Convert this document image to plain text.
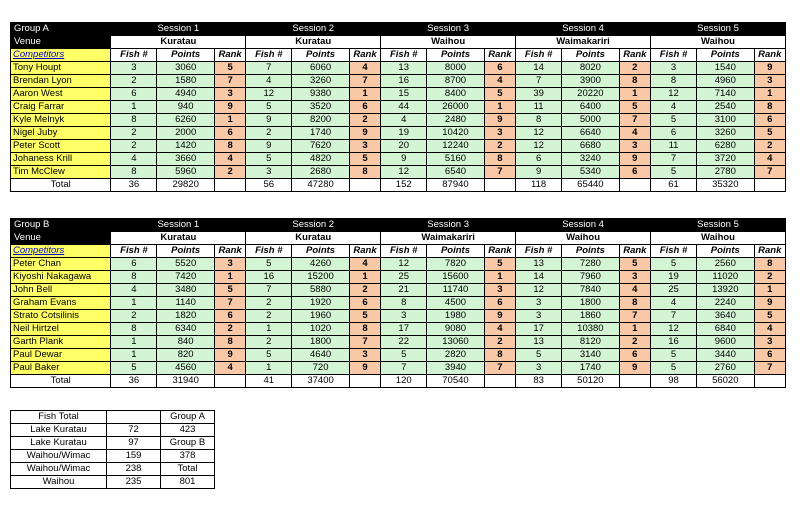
Group A	Session 1			Session 2			Session 3			Session 4			Session 5		
Venue	Kuratau			Kuratau			Waihou			Waimakariri			Waihou		
Competitors	Fish #	Points	Rank	Fish #	Points	Rank	Fish #	Points	Rank	Fish #	Points	Rank	Fish #	Points	Rank
Tony Houpt	3	3060	5	7	6060	4	13	8000	6	14	8020	2	3	1540	9
Brendan Lyon	2	1580	7	4	3260	7	16	8700	4	7	3900	8	8	4960	3
Aaron West	6	4940	3	12	9380	1	15	8400	5	39	20220	1	12	7140	1
Craig Farrar	1	940	9	5	3520	6	44	26000	1	11	6400	5	4	2540	8
Kyle Melnyk	8	6260	1	9	8200	2	4	2480	9	8	5000	7	5	3100	6
Nigel Juby	2	2000	6	2	1740	9	19	10420	3	12	6640	4	6	3260	5
Peter Scott	2	1420	8	9	7620	3	20	12240	2	12	6680	3	11	6280	2
Johaness Krill	4	3660	4	5	4820	5	9	5160	8	6	3240	9	7	3720	4
Tim McClew	8	5960	2	3	2680	8	12	6540	7	9	5340	6	5	2780	7
Total	36	29820		56	47280		152	87940		118	65440		61	35320	
Group B	Session 1			Session 2			Session 3			Session 4			Session 5		
Venue	Kuratau			Kuratau			Waimakariri			Waihou			Waihou		
Competitors	Fish #	Points	Rank	Fish #	Points	Rank	Fish #	Points	Rank	Fish #	Points	Rank	Fish #	Points	Rank
Peter Chan	6	5520	3	5	4260	4	12	7820	5	13	7280	5	5	2560	8
Kiyoshi Nakagawa	8	7420	1	16	15200	1	25	15600	1	14	7960	3	19	11020	2
John Bell	4	3480	5	7	5880	2	21	11740	3	12	7840	4	25	13920	1
Graham Evans	1	1140	7	2	1920	6	8	4500	6	3	1800	8	4	2240	9
Strato Cotsilinis	2	1820	6	2	1960	5	3	1980	9	3	1860	7	7	3640	5
Neil Hirtzel	8	6340	2	1	1020	8	17	9080	4	17	10380	1	12	6840	4
Garth Plank	1	840	8	2	1800	7	22	13060	2	13	8120	2	16	9600	3
Paul Dewar	1	820	9	5	4640	3	5	2820	8	5	3140	6	5	3440	6
Paul Baker	5	4560	4	1	720	9	7	3940	7	3	1740	9	5	2760	7
Total	36	31940		41	37400		120	70540		83	50120		98	56020	
Fish Total		Group A
Lake Kuratau	72	423
Lake Kuratau	97	Group B
Waihou/Wimac	159	378
Waihou/Wimac	238	Total
Waihou	235	801
